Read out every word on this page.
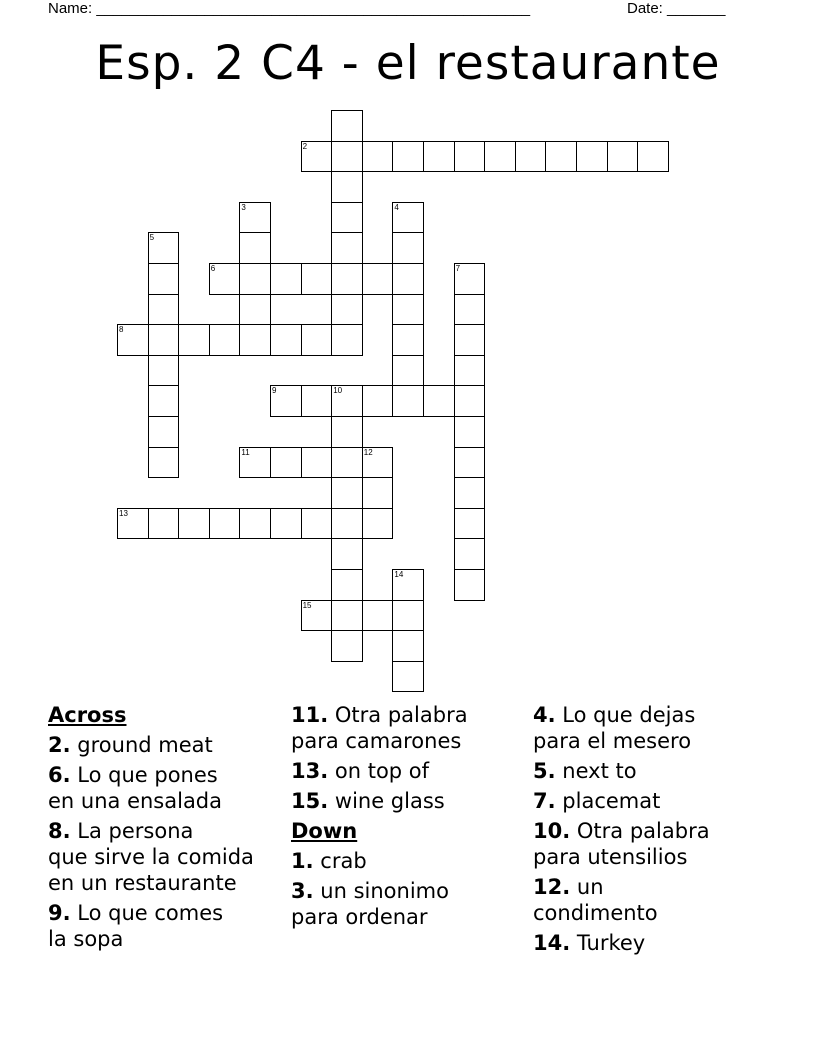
Name: ____________________________________________________	Date: _______
Esp. 2 C4 - el restaurante
2
3	4
5
6	7
8
9	10
11	12
13
14
15
Across
2. ground meat
6. Lo que pones
en una ensalada
8. La persona
que sirve la comida
en un restaurante
9. Lo que comes
la sopa
11. Otra palabra
para camarones
13. on top of
15. wine glass
Down
1. crab
3. un sinonimo
para ordenar
4. Lo que dejas
para el mesero
5. next to
7. placemat
10. Otra palabra
para utensilios
12. un
condimento
14. Turkey
